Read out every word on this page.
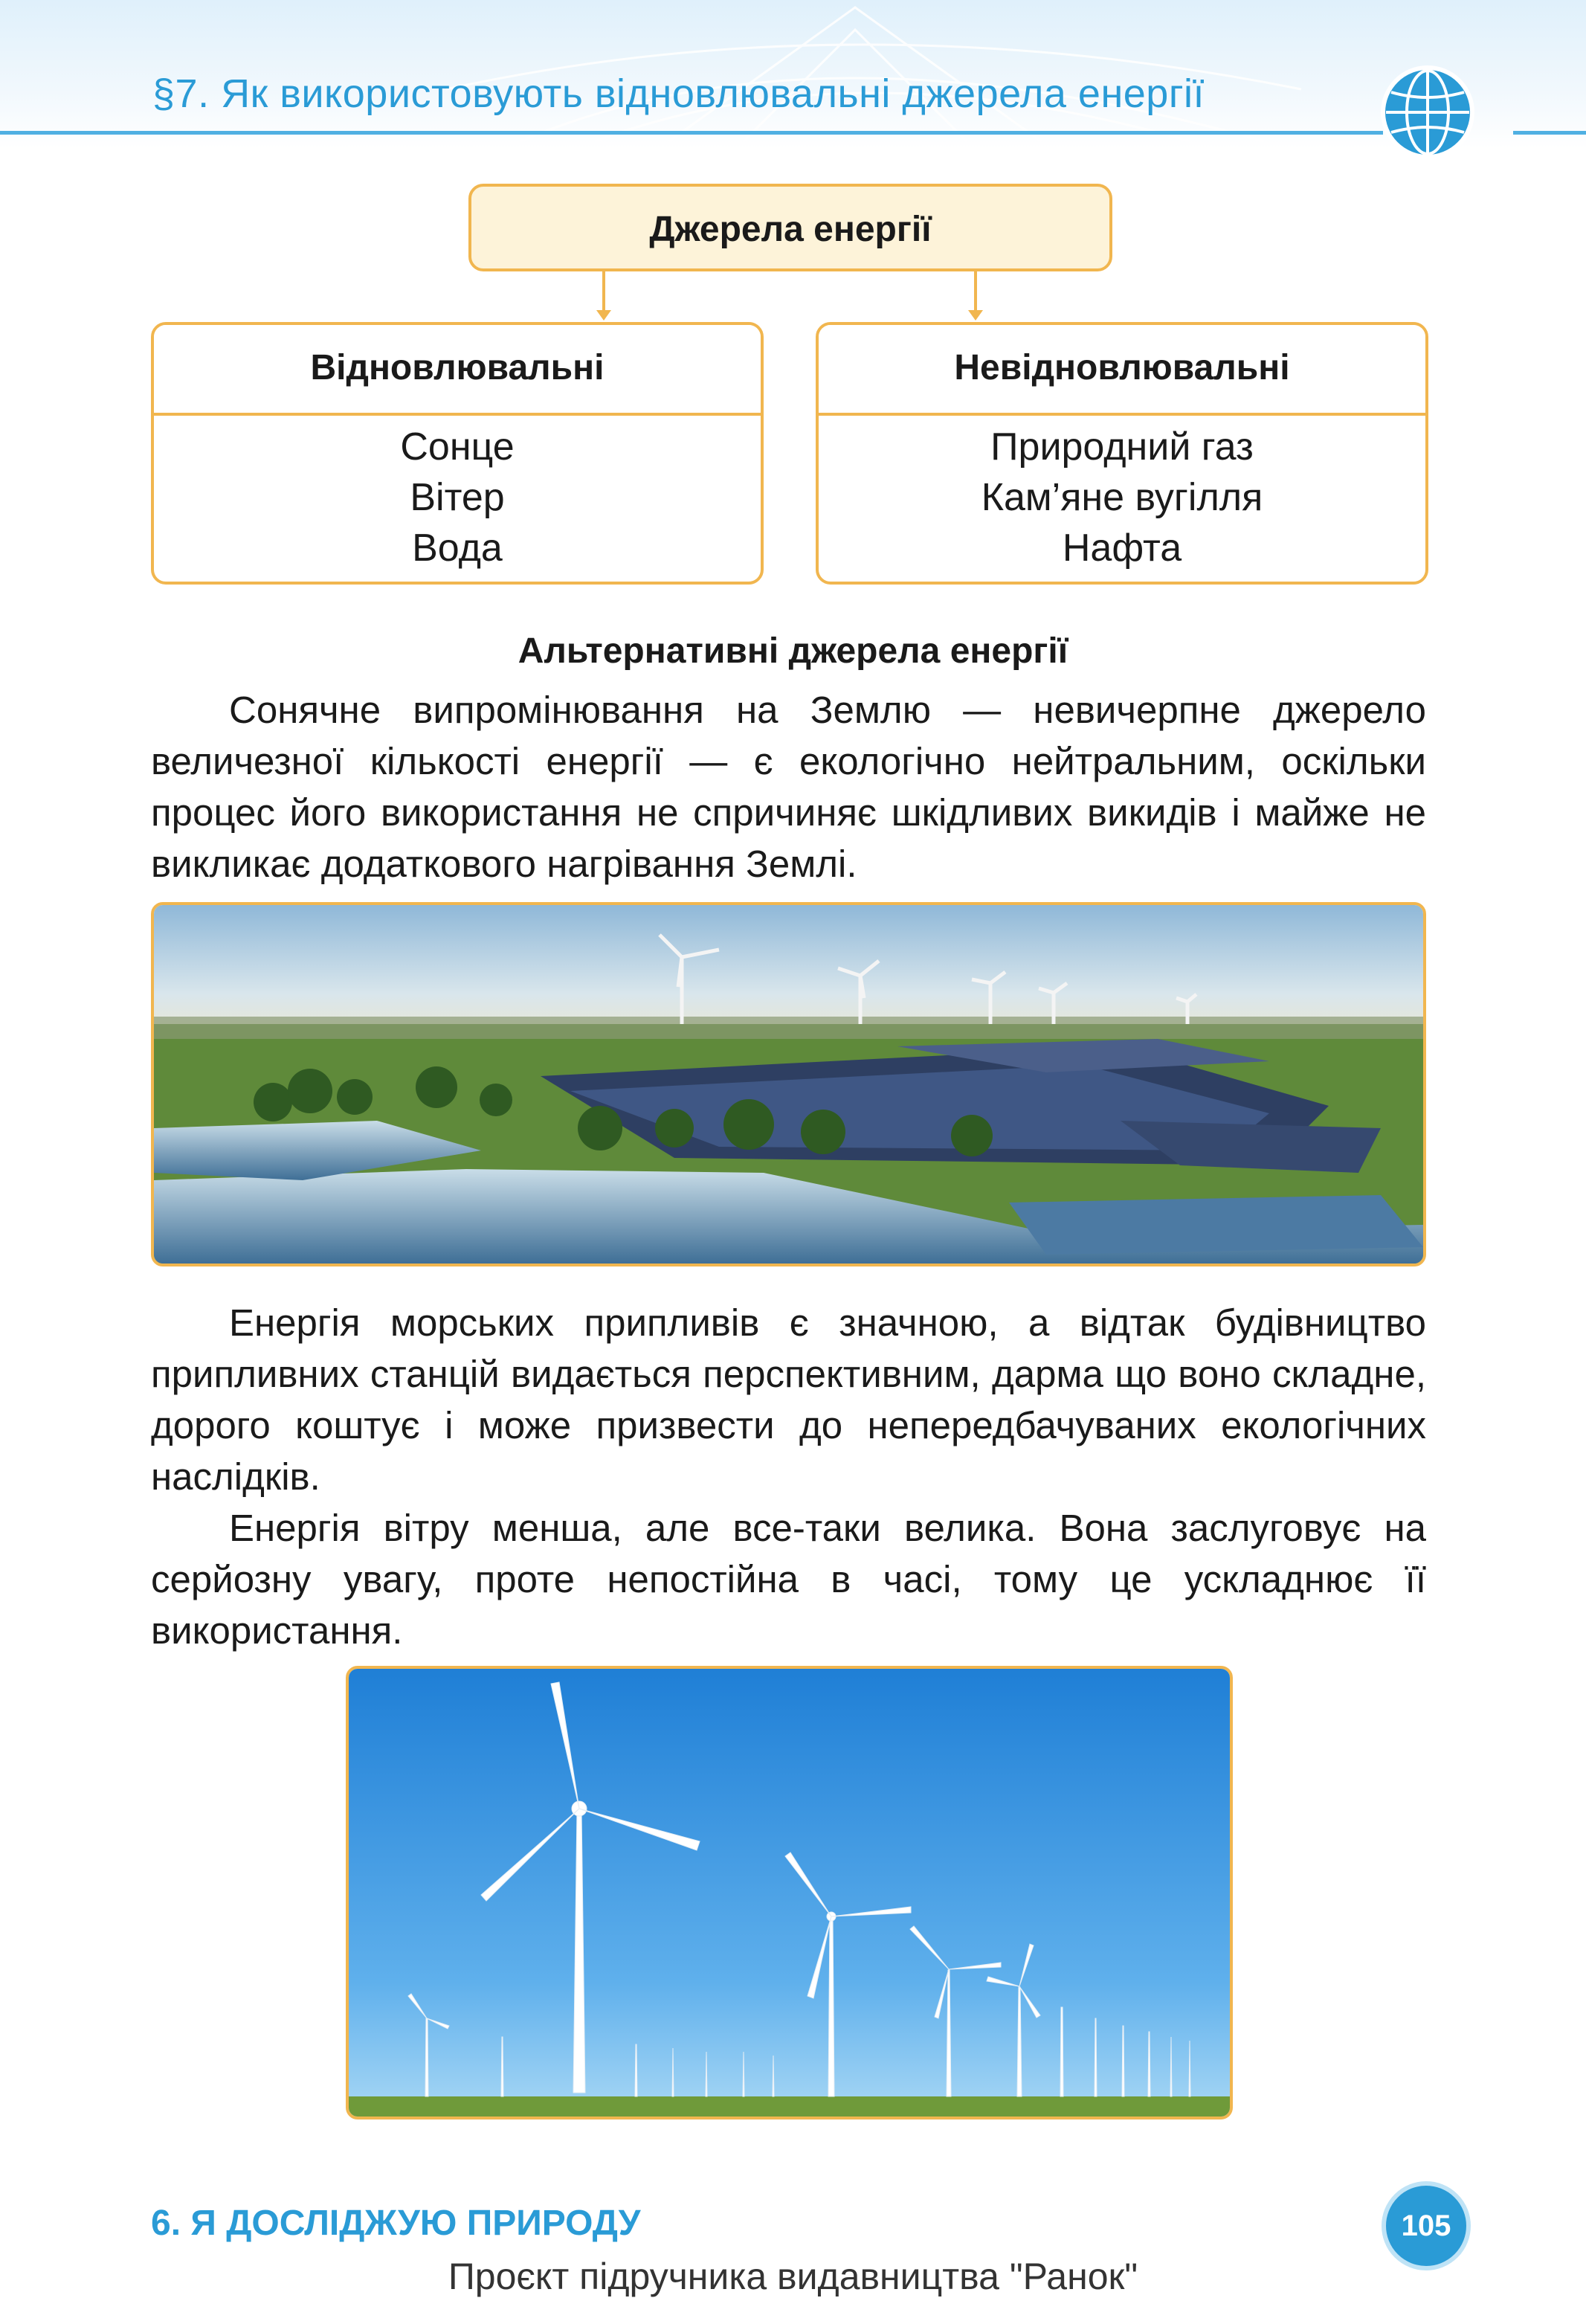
§7. Як використовують відновлювальні джерела енергії
Джерела енергії
Відновлювальні
Сонце
Вітер
Вода
Невідновлювальні
Природний газ
Кам’яне вугілля
Нафта
Альтернативні джерела енергії

Сонячне випромінювання на Землю — невичерпне джерело величезної кількості енергії — є екологічно нейтральним, оскільки процес його використання не спричиняє шкідливих викидів і майже не викликає додаткового нагрівання Землі.

Енергія морських припливів є значною, а відтак будівництво припливних станцій видається перспективним, дарма що воно складне, дорого коштує і може призвести до непередбачуваних екологічних наслідків.

Енергія вітру менша, але все-таки велика. Вона заслуговує на серйозну увагу, проте непостійна в часі, тому це ускладнює її використання.

6. Я ДОСЛІДЖУЮ ПРИРОДУ	105
Проєкт підручника видавництва "Ранок"
